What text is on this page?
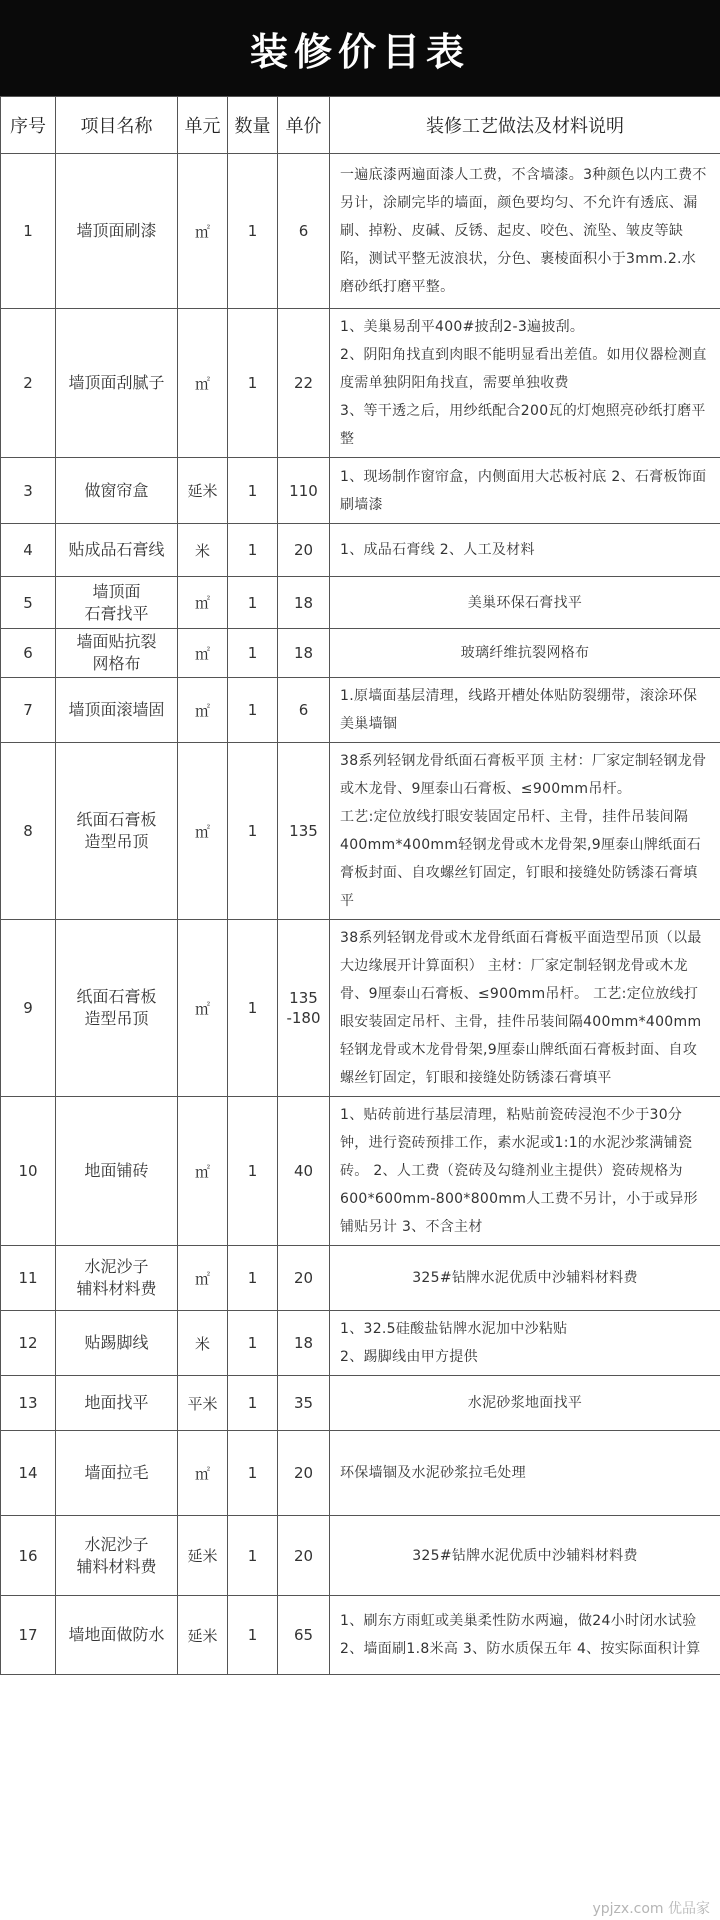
装修价目表
序号	项目名称	单元	数量	单价	装修工艺做法及材料说明
1	墙顶面刷漆	㎡	1	6	一遍底漆两遍面漆人工费，不含墙漆。3种颜色以内工费不另计，涂刷完毕的墙面，颜色要均匀、不允许有透底、漏刷、掉粉、皮碱、反锈、起皮、咬色、流坠、皱皮等缺陷，测试平整无波浪状，分色、裹棱面积小于3mm.2.水磨砂纸打磨平整。
2	墙顶面刮腻子	㎡	1	22	1、美巢易刮平400#披刮2-3遍披刮。
2、阴阳角找直到肉眼不能明显看出差值。如用仪器检测直度需单独阴阳角找直，需要单独收费
3、等干透之后，用纱纸配合200瓦的灯炮照亮砂纸打磨平整
3	做窗帘盒	延米	1	110	1、现场制作窗帘盒，内侧面用大芯板衬底 2、石膏板饰面刷墙漆
4	贴成品石膏线	米	1	20	1、成品石膏线 2、人工及材料
5	墙顶面
石膏找平	㎡	1	18	美巢环保石膏找平
6	墙面贴抗裂
网格布	㎡	1	18	玻璃纤维抗裂网格布
7	墙顶面滚墙固	㎡	1	6	1.原墙面基层清理，线路开槽处体贴防裂绷带，滚涂环保美巢墙锢
8	纸面石膏板
造型吊顶	㎡	1	135	38系列轻钢龙骨纸面石膏板平顶 主材：厂家定制轻钢龙骨或木龙骨、9厘泰山石膏板、≤900mm吊杆。
工艺:定位放线打眼安装固定吊杆、主骨，挂件吊装间隔400mm*400mm轻钢龙骨或木龙骨架,9厘泰山牌纸面石膏板封面、自攻螺丝钉固定，钉眼和接缝处防锈漆石膏填平
9	纸面石膏板
造型吊顶	㎡	1	135
-180	38系列轻钢龙骨或木龙骨纸面石膏板平面造型吊顶（以最大边缘展开计算面积） 主材：厂家定制轻钢龙骨或木龙骨、9厘泰山石膏板、≤900mm吊杆。 工艺:定位放线打眼安装固定吊杆、主骨，挂件吊装间隔400mm*400mm轻钢龙骨或木龙骨骨架,9厘泰山牌纸面石膏板封面、自攻螺丝钉固定，钉眼和接缝处防锈漆石膏填平
10	地面铺砖	㎡	1	40	1、贴砖前进行基层清理，粘贴前瓷砖浸泡不少于30分钟，进行瓷砖预排工作，素水泥或1:1的水泥沙浆满铺瓷砖。 2、人工费（瓷砖及勾缝剂业主提供）瓷砖规格为600*600mm-800*800mm人工费不另计，小于或异形铺贴另计 3、不含主材
11	水泥沙子
辅料材料费	㎡	1	20	325#钻牌水泥优质中沙辅料材料费
12	贴踢脚线	米	1	18	1、32.5硅酸盐钻牌水泥加中沙粘贴
2、踢脚线由甲方提供
13	地面找平	平米	1	35	水泥砂浆地面找平
14	墙面拉毛	㎡	1	20	环保墙锢及水泥砂浆拉毛处理
16	水泥沙子
辅料材料费	延米	1	20	325#钻牌水泥优质中沙辅料材料费
17	墙地面做防水	延米	1	65	1、刷东方雨虹或美巢柔性防水两遍，做24小时闭水试验 2、墙面刷1.8米高 3、防水质保五年 4、按实际面积计算
ypjzx.com 优品家
